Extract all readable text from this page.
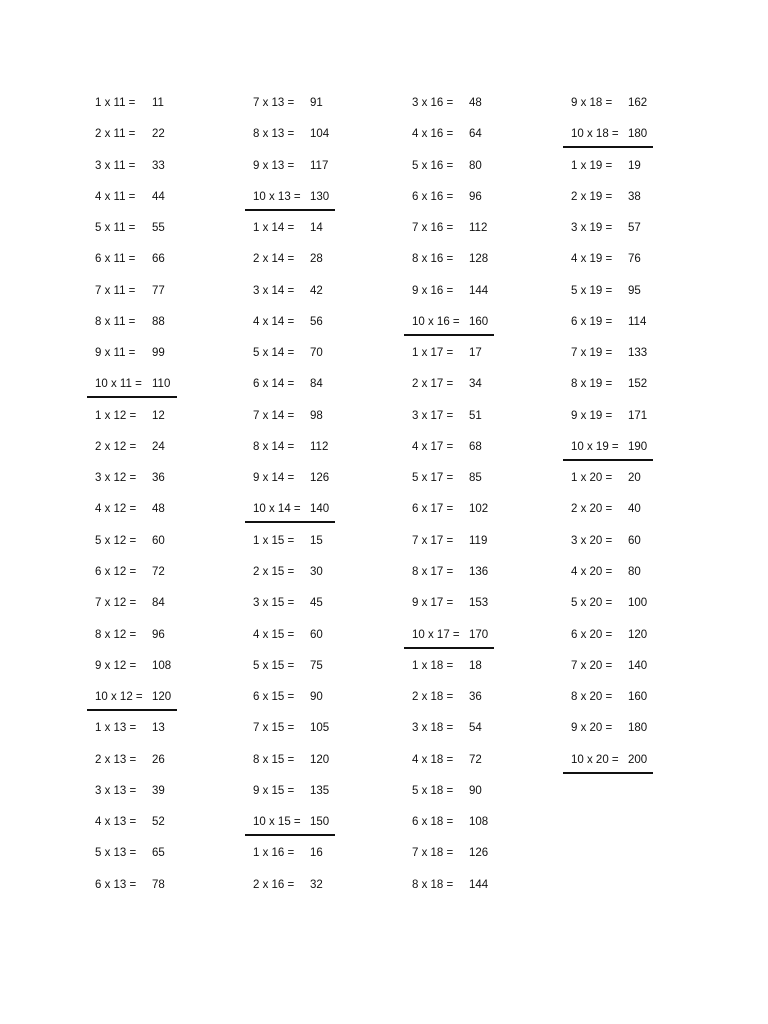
1 x 11 = 11
2 x 11 = 22
3 x 11 = 33
4 x 11 = 44
5 x 11 = 55
6 x 11 = 66
7 x 11 = 77
8 x 11 = 88
9 x 11 = 99
10 x 11 = 110
1 x 12 = 12
2 x 12 = 24
3 x 12 = 36
4 x 12 = 48
5 x 12 = 60
6 x 12 = 72
7 x 12 = 84
8 x 12 = 96
9 x 12 = 108
10 x 12 = 120
1 x 13 = 13
2 x 13 = 26
3 x 13 = 39
4 x 13 = 52
5 x 13 = 65
6 x 13 = 78
7 x 13 = 91
8 x 13 = 104
9 x 13 = 117
10 x 13 = 130
1 x 14 = 14
2 x 14 = 28
3 x 14 = 42
4 x 14 = 56
5 x 14 = 70
6 x 14 = 84
7 x 14 = 98
8 x 14 = 112
9 x 14 = 126
10 x 14 = 140
1 x 15 = 15
2 x 15 = 30
3 x 15 = 45
4 x 15 = 60
5 x 15 = 75
6 x 15 = 90
7 x 15 = 105
8 x 15 = 120
9 x 15 = 135
10 x 15 = 150
1 x 16 = 16
2 x 16 = 32
3 x 16 = 48
4 x 16 = 64
5 x 16 = 80
6 x 16 = 96
7 x 16 = 112
8 x 16 = 128
9 x 16 = 144
10 x 16 = 160
1 x 17 = 17
2 x 17 = 34
3 x 17 = 51
4 x 17 = 68
5 x 17 = 85
6 x 17 = 102
7 x 17 = 119
8 x 17 = 136
9 x 17 = 153
10 x 17 = 170
1 x 18 = 18
2 x 18 = 36
3 x 18 = 54
4 x 18 = 72
5 x 18 = 90
6 x 18 = 108
7 x 18 = 126
8 x 18 = 144
9 x 18 = 162
10 x 18 = 180
1 x 19 = 19
2 x 19 = 38
3 x 19 = 57
4 x 19 = 76
5 x 19 = 95
6 x 19 = 114
7 x 19 = 133
8 x 19 = 152
9 x 19 = 171
10 x 19 = 190
1 x 20 = 20
2 x 20 = 40
3 x 20 = 60
4 x 20 = 80
5 x 20 = 100
6 x 20 = 120
7 x 20 = 140
8 x 20 = 160
9 x 20 = 180
10 x 20 = 200
